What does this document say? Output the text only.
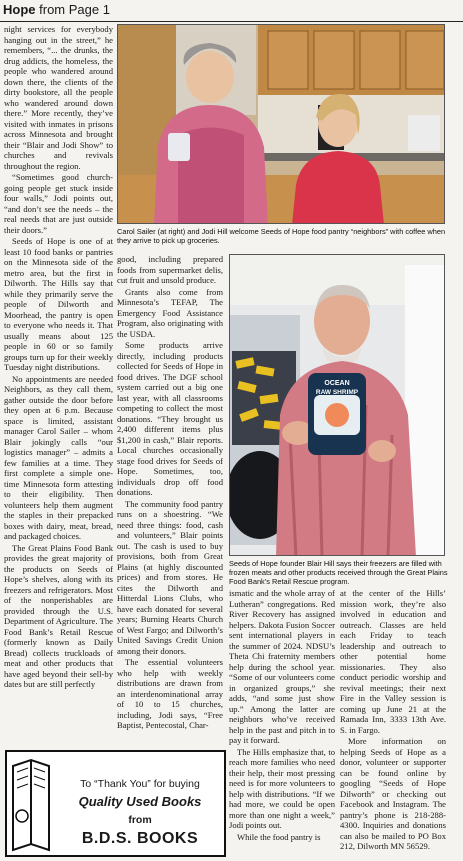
Hope from Page 1

night services for everybody hanging out in the street,” he remembers, “... the drunks, the drug addicts, the homeless, the people who wandered around down there, the clients of the dirty bookstore, all the people who wandered around down there.” More recently, they’ve visited with inmates in prisons across Minnesota and brought their “Blair and Jodi Show” to churches and revivals throughout the region.

“Sometimes good church-going people get stuck inside four walls,” Jodi points out, “and don’t see the needs – the real needs that are just outside their doors.”

Seeds of Hope is one of at least 10 food banks or pantries on the Minnesota side of the metro area, but the first in Dilworth. The Hills say that while they primarily serve the people of Dilworth and Moorhead, the pantry is open to everyone who needs it. That usually means about 125 people in 60 or so family groups turn up for their weekly Tuesday night distributions.

No appointments are needed Neighbors, as they call them, gather outside the door before they open at 6 p.m. Because space is limited, assistant manager Carol Sailer – whom Blair jokingly calls “our logistics manager” – admits a few families at a time. They first complete a simple one-time Minnesota form attesting to their eligibility. Then volunteers help them augment the staples in their prepacked boxes with dairy, meat, bread, and packaged choices.

The Great Plains Food Bank provides the great majority of the products on Seeds of Hope’s shelves, along with its freezers and refrigerators. Most of the nonperishables are provided through the U.S. Department of Agriculture. The Food Bank’s Retail Rescue (formerly known as Daily Bread) collects truckloads of meat and other products that have aged beyond their sell-by dates but are still perfectly

Carol Sailer (at right) and Jodi Hill welcome Seeds of Hope food pantry “neighbors” with coffee when they arrive to pick up groceries.

good, including prepared foods from supermarket delis, cut fruit and unsold produce.

Grants also come from Minnesota’s TEFAP, The Emergency Food Assistance Program, also originating with the USDA.

Some products arrive directly, including products collected for Seeds of Hope in food drives. The DGF school system carried out a big one last year, with all classrooms competing to collect the most donations. “They brought us 2,400 different items plus $1,200 in cash,” Blair reports. Local churches occasionally stage food drives for Seeds of Hope. Sometimes, too, individuals drop off food donations.

The community food pantry runs on a shoestring. “We need three things: food, cash and volunteers,” Blair points out. The cash is used to buy provisions, both from Great Plains (at highly discounted prices) and from stores. He cites the Dilworth and Hitterdal Lions Clubs, who have each donated for several years; Burning Hearts Church of West Fargo; and Dilworth’s United Savings Credit Union among their donors.

The essential volunteers who help with weekly distributions are drawn from an interdenominational array of 10 to 15 churches, including, Jodi says, “Free Baptist, Pentecostal, Char-

OCEAN
RAW SHRIMP
Seeds of Hope founder Blair Hill says their freezers are filled with frozen meats and other products received through the Great Plains Food Bank’s Retail Rescue program.

ismatic and the whole array of Lutheran” congregations. Red River Recovery has assigned helpers. Dakota Fusion Soccer sent international players in the summer of 2024. NDSU’s Theta Chi fraternity members help during the school year. “Some of our volunteers come in organized groups,” she adds, “and some just show up.” Among the latter are neighbors who’ve received help in the past and pitch in to pay it forward.

The Hills emphasize that, to reach more families who need their help, their most pressing need is for more volunteers to help with distributions. “If we had more, we could be open more than one night a week,” Jodi points out.

While the food pantry is

at the center of the Hills’ mission work, they’re also involved in education and outreach. Classes are held each Friday to teach leadership and outreach to other potential home missionaries. They also conduct periodic worship and revival meetings; their next Fire in the Valley session is coming up June 21 at the Ramada Inn, 3333 13th Ave. S. in Fargo.

More information on helping Seeds of Hope as a donor, volunteer or supporter can be found online by googling “Seeds of Hope Dilworth” or checking out Facebook and Instagram. The pantry’s phone is 218-288-4300. Inquiries and donations can also be mailed to PO Box 212, Dilworth MN 56529.

To “Thank You” for buying
Quality Used Books
from
B.D.S. BOOKS
